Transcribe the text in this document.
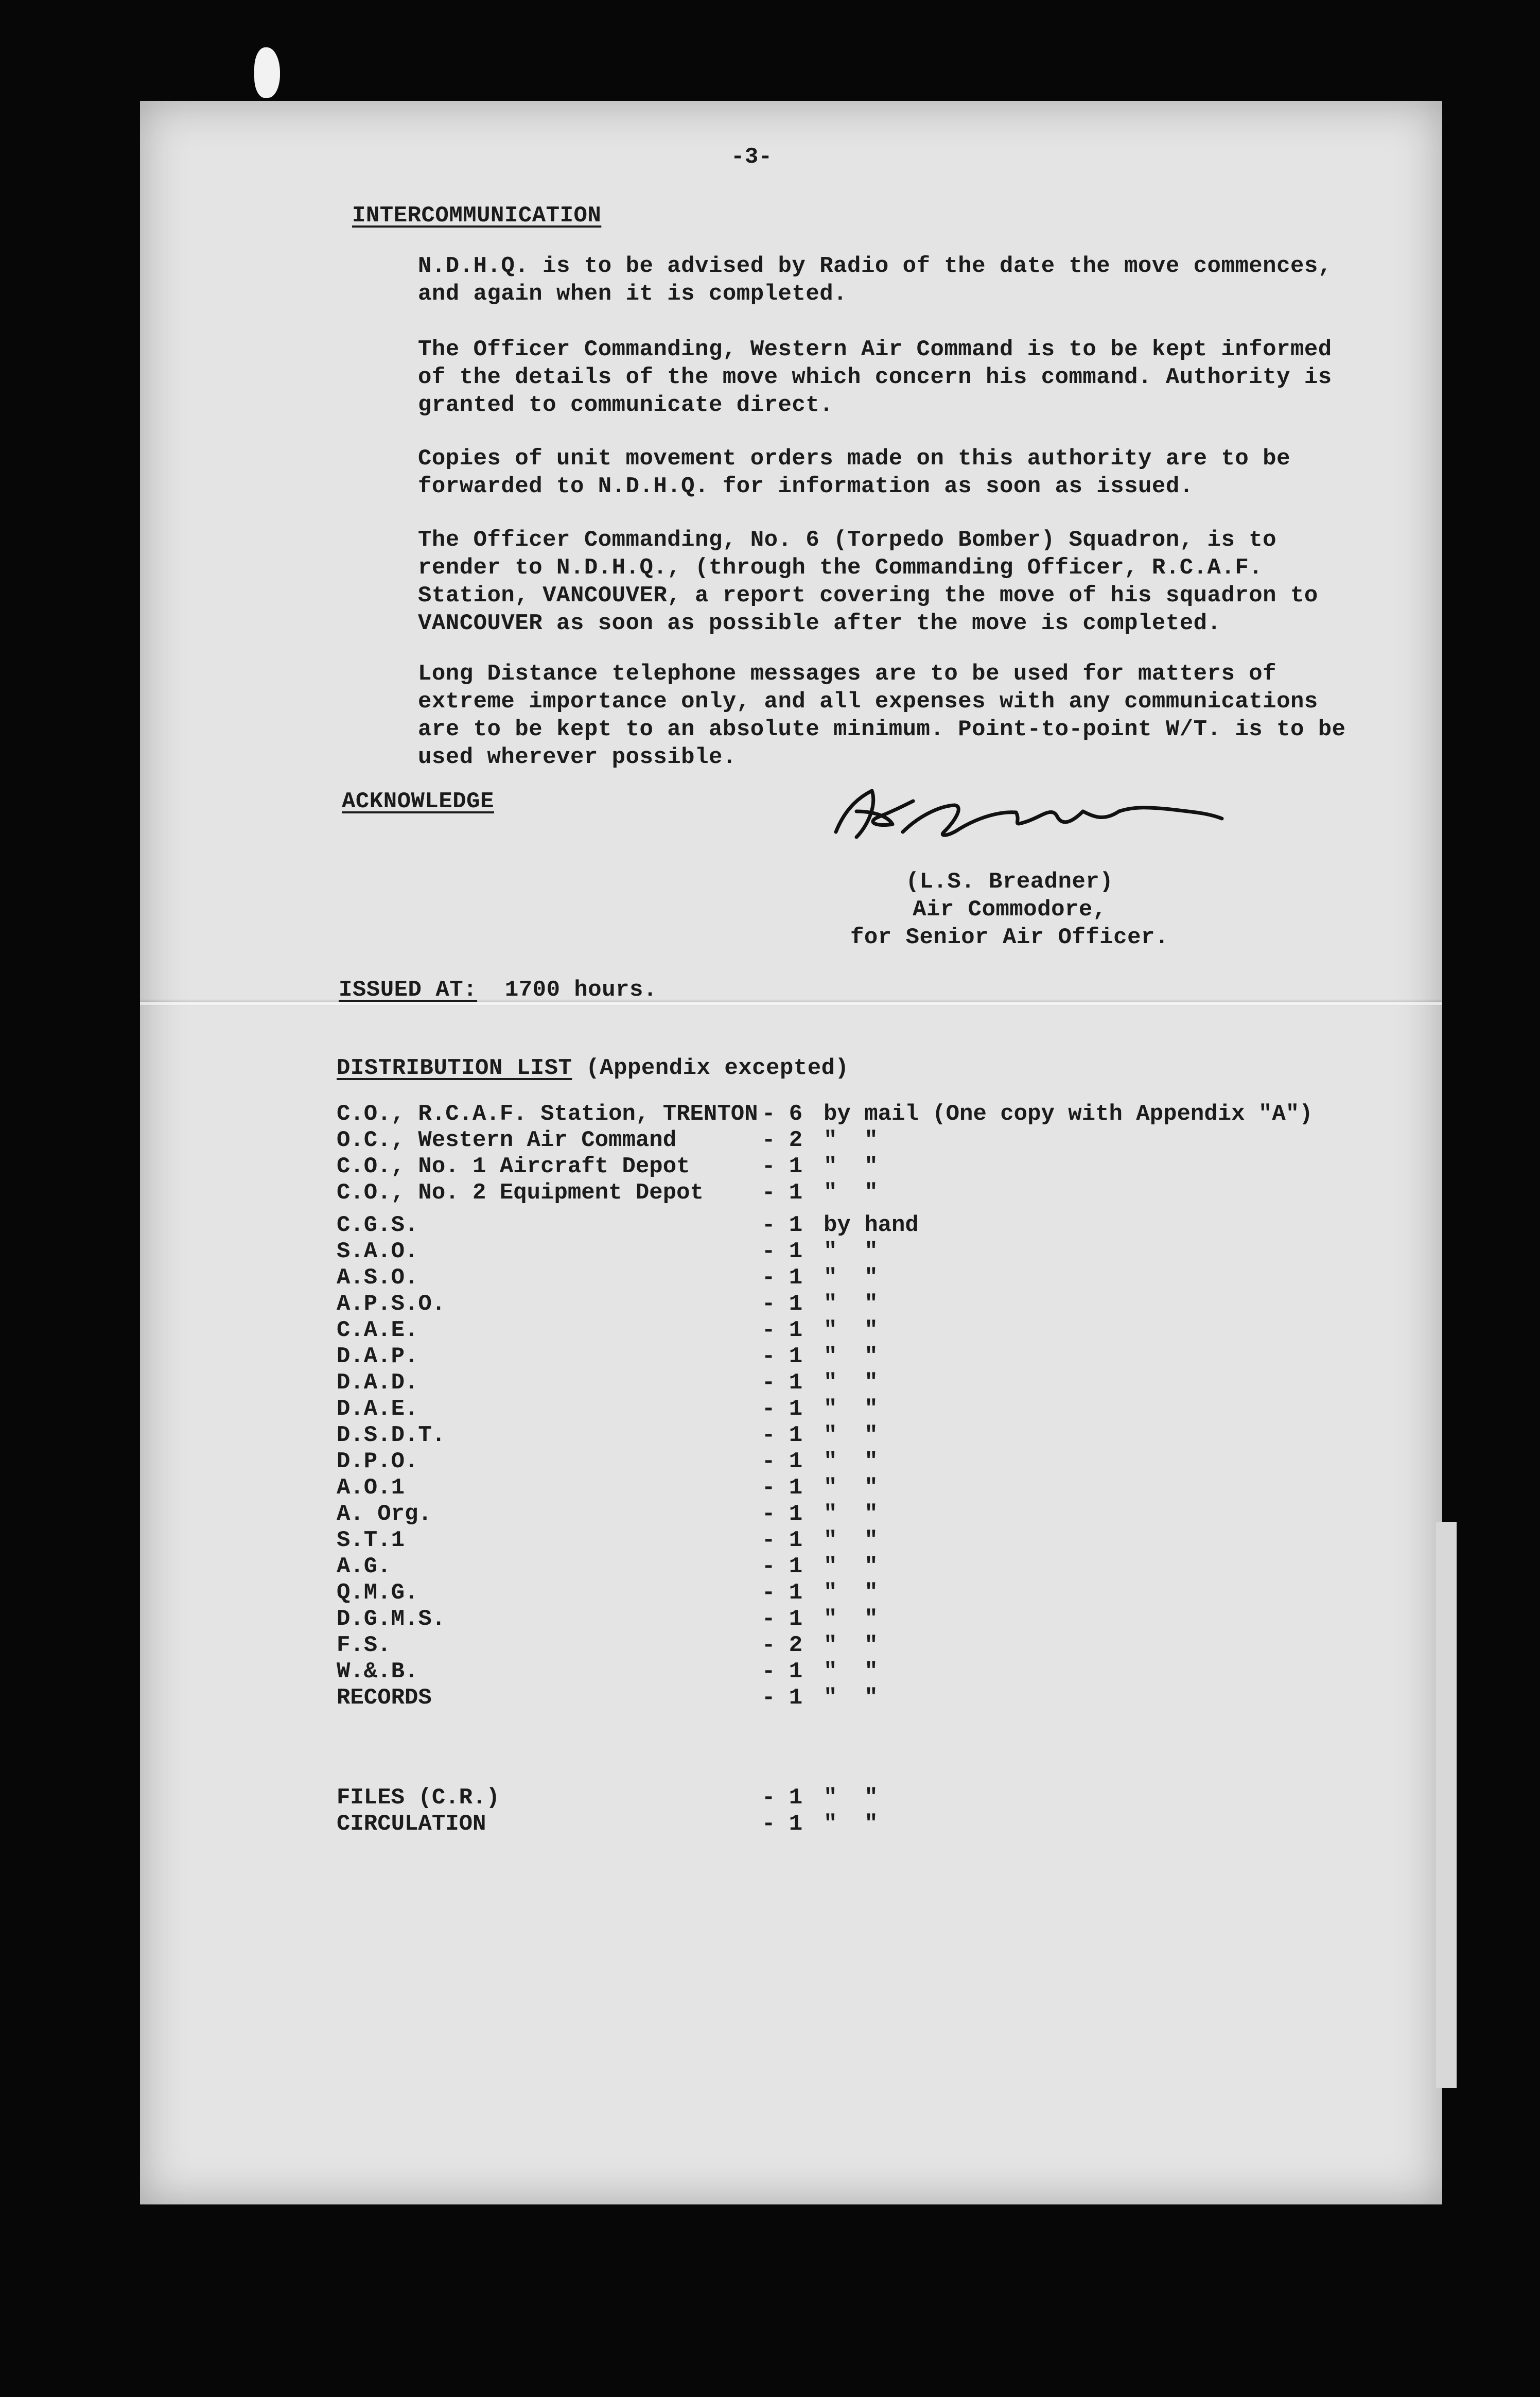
-3-
INTERCOMMUNICATION
N.D.H.Q. is to be advised by Radio of the date the move commences, and again when it is completed.
The Officer Commanding, Western Air Command is to be kept informed of the details of the move which concern his command. Authority is granted to communicate direct.
Copies of unit movement orders made on this authority are to be forwarded to N.D.H.Q. for information as soon as issued.
The Officer Commanding, No. 6 (Torpedo Bomber) Squadron, is to render to N.D.H.Q., (through the Commanding Officer, R.C.A.F. Station, VANCOUVER, a report covering the move of his squadron to VANCOUVER as soon as possible after the move is completed.
Long Distance telephone messages are to be used for matters of extreme importance only, and all expenses with any communications are to be kept to an absolute minimum. Point-to-point W/T. is to be used wherever possible.
ACKNOWLEDGE
(L.S. Breadner)
Air Commodore,
for Senior Air Officer.
ISSUED AT: 1700 hours.
DISTRIBUTION LIST (Appendix excepted)
C.O., R.C.A.F. Station, TRENTON - 6 by mail (One copy with Appendix "A")
O.C., Western Air Command	- 2 "  "
C.O., No. 1 Aircraft Depot	- 1 "  "
C.O., No. 2 Equipment Depot	- 1 "  "
C.G.S.	- 1 by hand
S.A.O.	- 1 "  "
A.S.O.	- 1 "  "
A.P.S.O.	- 1 "  "
C.A.E.	- 1 "  "
D.A.P.	- 1 "  "
D.A.D.	- 1 "  "
D.A.E.	- 1 "  "
D.S.D.T.	- 1 "  "
D.P.O.	- 1 "  "
A.O.1	- 1 "  "
A. Org.	- 1 "  "
S.T.1	- 1 "  "
A.G.	- 1 "  "
Q.M.G.	- 1 "  "
D.G.M.S.	- 1 "  "
F.S.	- 2 "  "
W.&.B.	- 1 "  "
RECORDS	- 1 "  "
FILES (C.R.)	- 1 "  "
CIRCULATION	- 1 "  "
